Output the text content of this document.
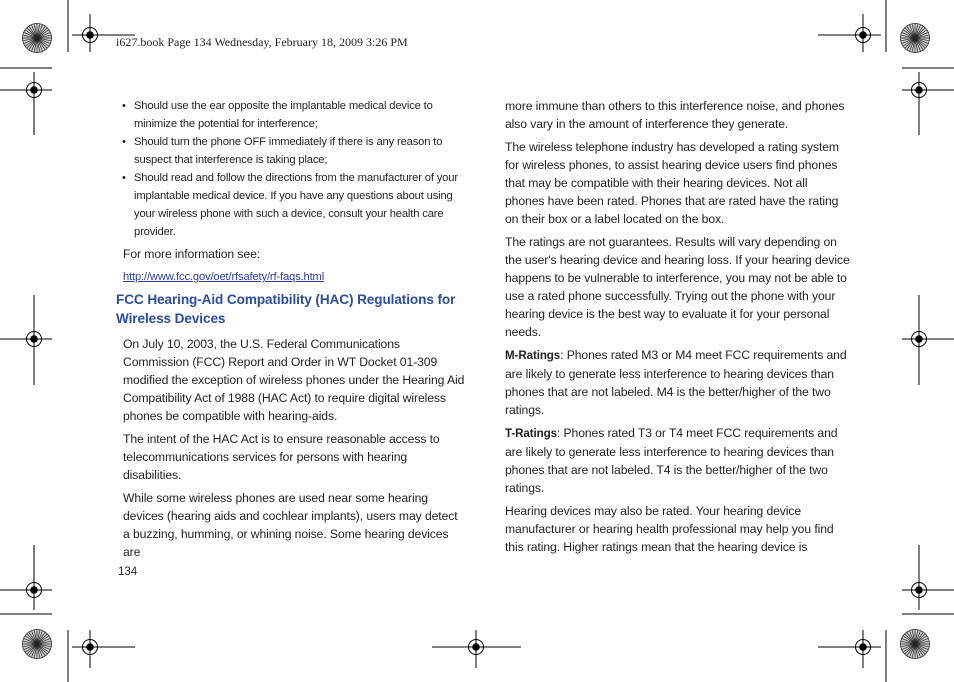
i627.book Page 134 Wednesday, February 18, 2009 3:26 PM
• Should use the ear opposite the implantable medical device to minimize the potential for interference;
• Should turn the phone OFF immediately if there is any reason to suspect that interference is taking place;
• Should read and follow the directions from the manufacturer of your implantable medical device. If you have any questions about using your wireless phone with such a device, consult your health care provider.

For more information see:

http://www.fcc.gov/oet/rfsafety/rf-faqs.html
FCC Hearing-Aid Compatibility (HAC) Regulations for Wireless Devices

On July 10, 2003, the U.S. Federal Communications Commission (FCC) Report and Order in WT Docket 01-309 modified the exception of wireless phones under the Hearing Aid Compatibility Act of 1988 (HAC Act) to require digital wireless phones be compatible with hearing-aids.

The intent of the HAC Act is to ensure reasonable access to telecommunications services for persons with hearing disabilities.

While some wireless phones are used near some hearing devices (hearing aids and cochlear implants), users may detect a buzzing, humming, or whining noise. Some hearing devices are

more immune than others to this interference noise, and phones also vary in the amount of interference they generate.

The wireless telephone industry has developed a rating system for wireless phones, to assist hearing device users find phones that may be compatible with their hearing devices. Not all phones have been rated. Phones that are rated have the rating on their box or a label located on the box.

The ratings are not guarantees. Results will vary depending on the user's hearing device and hearing loss. If your hearing device happens to be vulnerable to interference, you may not be able to use a rated phone successfully. Trying out the phone with your hearing device is the best way to evaluate it for your personal needs.

M-Ratings: Phones rated M3 or M4 meet FCC requirements and are likely to generate less interference to hearing devices than phones that are not labeled. M4 is the better/higher of the two ratings.

T-Ratings: Phones rated T3 or T4 meet FCC requirements and are likely to generate less interference to hearing devices than phones that are not labeled. T4 is the better/higher of the two ratings.

Hearing devices may also be rated. Your hearing device manufacturer or hearing health professional may help you find this rating. Higher ratings mean that the hearing device is

134
